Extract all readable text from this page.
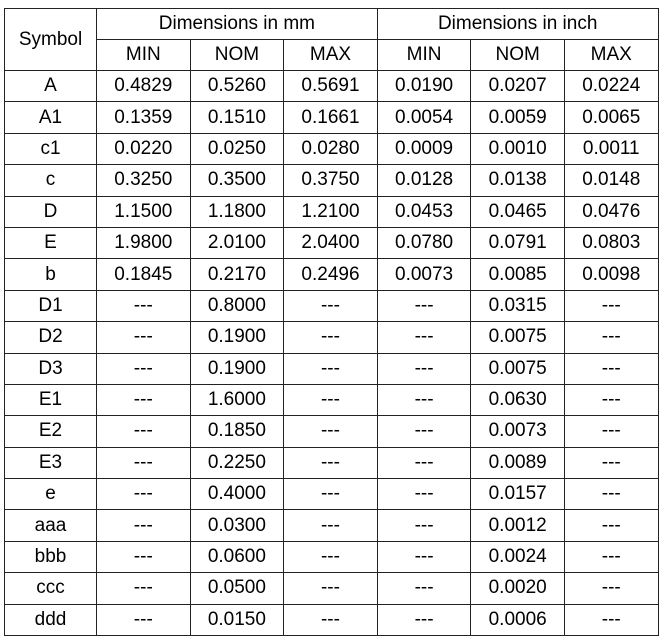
Symbol	Dimensions in mm			Dimensions in inch		
	MIN	NOM	MAX	MIN	NOM	MAX
A	0.4829	0.5260	0.5691	0.0190	0.0207	0.0224
A1	0.1359	0.1510	0.1661	0.0054	0.0059	0.0065
c1	0.0220	0.0250	0.0280	0.0009	0.0010	0.0011
c	0.3250	0.3500	0.3750	0.0128	0.0138	0.0148
D	1.1500	1.1800	1.2100	0.0453	0.0465	0.0476
E	1.9800	2.0100	2.0400	0.0780	0.0791	0.0803
b	0.1845	0.2170	0.2496	0.0073	0.0085	0.0098
D1	---	0.8000	---	---	0.0315	---
D2	---	0.1900	---	---	0.0075	---
D3	---	0.1900	---	---	0.0075	---
E1	---	1.6000	---	---	0.0630	---
E2	---	0.1850	---	---	0.0073	---
E3	---	0.2250	---	---	0.0089	---
e	---	0.4000	---	---	0.0157	---
aaa	---	0.0300	---	---	0.0012	---
bbb	---	0.0600	---	---	0.0024	---
ccc	---	0.0500	---	---	0.0020	---
ddd	---	0.0150	---	---	0.0006	---
